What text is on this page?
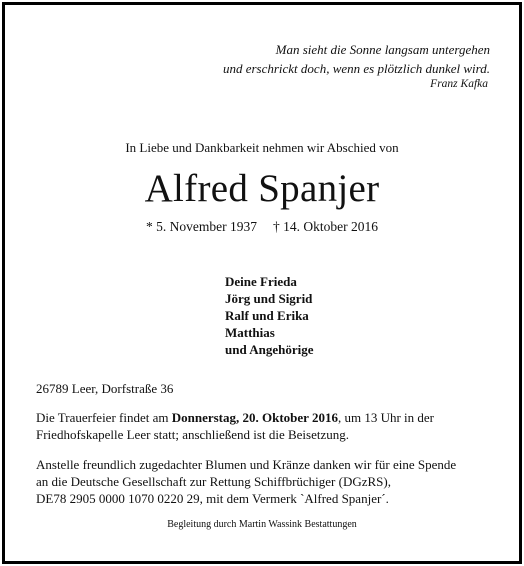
Man sieht die Sonne langsam untergehen
und erschrickt doch, wenn es plötzlich dunkel wird.
Franz Kafka
In Liebe und Dankbarkeit nehmen wir Abschied von
Alfred Spanjer
* 5. November 1937 † 14. Oktober 2016
Deine Frieda
Jörg und Sigrid
Ralf und Erika
Matthias
und Angehörige
26789 Leer, Dorfstraße 36
Die Trauerfeier findet am Donnerstag, 20. Oktober 2016, um 13 Uhr in der Friedhofskapelle Leer statt; anschließend ist die Beisetzung.
Anstelle freundlich zugedachter Blumen und Kränze danken wir für eine Spende
an die Deutsche Gesellschaft zur Rettung Schiffbrüchiger (DGzRS),
DE78 2905 0000 1070 0220 29, mit dem Vermerk `Alfred Spanjer´.
Begleitung durch Martin Wassink Bestattungen
